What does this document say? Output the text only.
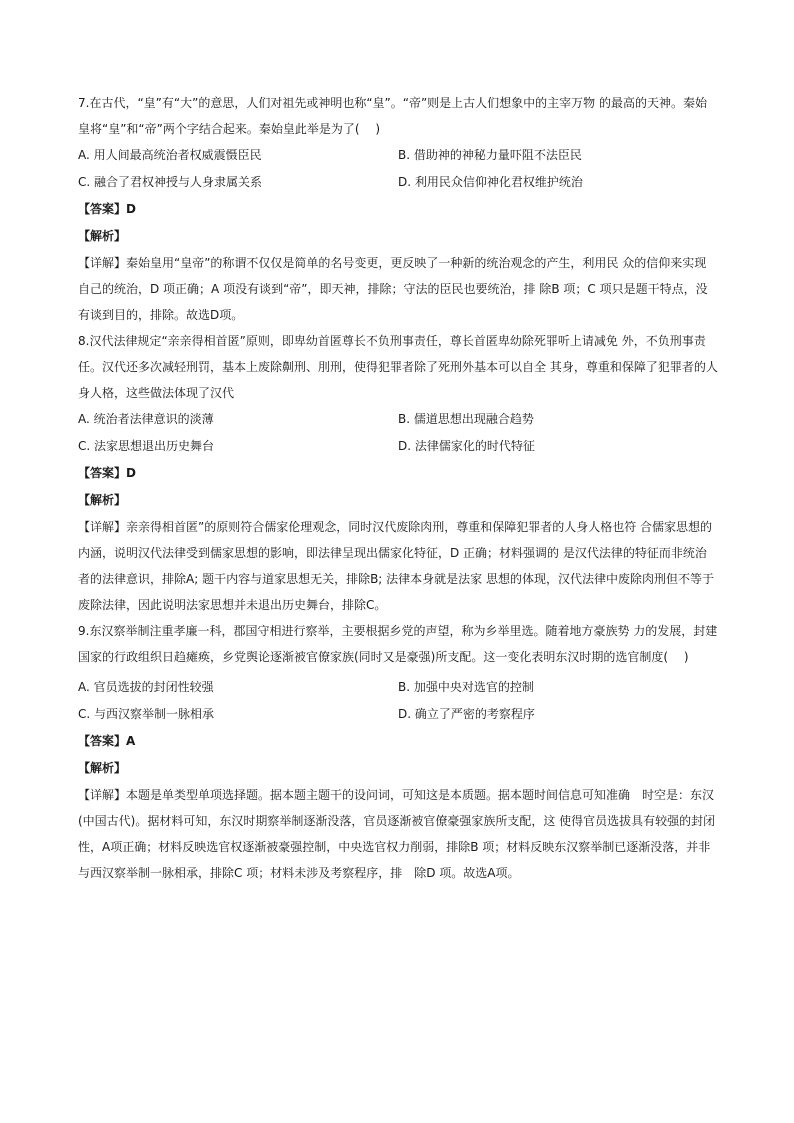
7.在古代，“皇”有“大”的意思，人们对祖先或神明也称“皇”。“帝”则是上古人们想象中的主宰万物 的最高的天神。秦始皇将“皇”和“帝”两个字结合起来。秦始皇此举是为了(　 )

A. 用人间最高统治者权威震慑臣民	B. 借助神的神秘力量吓阻不法臣民
C. 融合了君权神授与人身隶属关系	D. 利用民众信仰神化君权维护统治

【答案】D

【解析】

【详解】秦始皇用“皇帝”的称谓不仅仅是简单的名号变更，更反映了一种新的统治观念的产生，利用民 众的信仰来实现自己的统治，D 项正确；A 项没有谈到“帝”，即天神，排除；守法的臣民也要统治，排 除B 项；C 项只是题干特点，没有谈到目的，排除。故选D项。

8.汉代法律规定“亲亲得相首匿”原则，即卑幼首匿尊长不负刑事责任，尊长首匿卑幼除死罪听上请减免 外，不负刑事责任。汉代还多次减轻刑罚，基本上废除劓刑、刖刑，使得犯罪者除了死刑外基本可以自全 其身，尊重和保障了犯罪者的人身人格，这些做法体现了汉代

A. 统治者法律意识的淡薄	B. 儒道思想出现融合趋势
C. 法家思想退出历史舞台	D. 法律儒家化的时代特征

【答案】D

【解析】

【详解】亲亲得相首匿”的原则符合儒家伦理观念，同时汉代废除肉刑，尊重和保障犯罪者的人身人格也符 合儒家思想的内涵，说明汉代法律受到儒家思想的影响，即法律呈现出儒家化特征，D 正确；材料强调的 是汉代法律的特征而非统治者的法律意识，排除A; 题干内容与道家思想无关，排除B; 法律本身就是法家 思想的体现，汉代法律中废除肉刑但不等于废除法律，因此说明法家思想并未退出历史舞台，排除C。

9.东汉察举制注重孝廉一科，郡国守相进行察举，主要根据乡党的声望，称为乡举里选。随着地方豪族势 力的发展，封建国家的行政组织日趋瘫痪，乡党舆论逐渐被官僚家族(同时又是豪强)所支配。这一变化表明东汉时期的选官制度(　 )

A. 官员选拔的封闭性较强	B. 加强中央对选官的控制
C. 与西汉察举制一脉相承	D. 确立了严密的考察程序

【答案】A

【解析】

【详解】本题是单类型单项选择题。据本题主题干的设问词，可知这是本质题。据本题时间信息可知准确　时空是：东汉(中国古代)。据材料可知，东汉时期察举制逐渐没落，官员逐渐被官僚豪强家族所支配，这 使得官员选拔具有较强的封闭性，A项正确；材料反映选官权逐渐被豪强控制，中央选官权力削弱，排除B 项；材料反映东汉察举制已逐渐没落，并非与西汉察举制一脉相承，排除C 项；材料未涉及考察程序，排　除D 项。故选A项。
